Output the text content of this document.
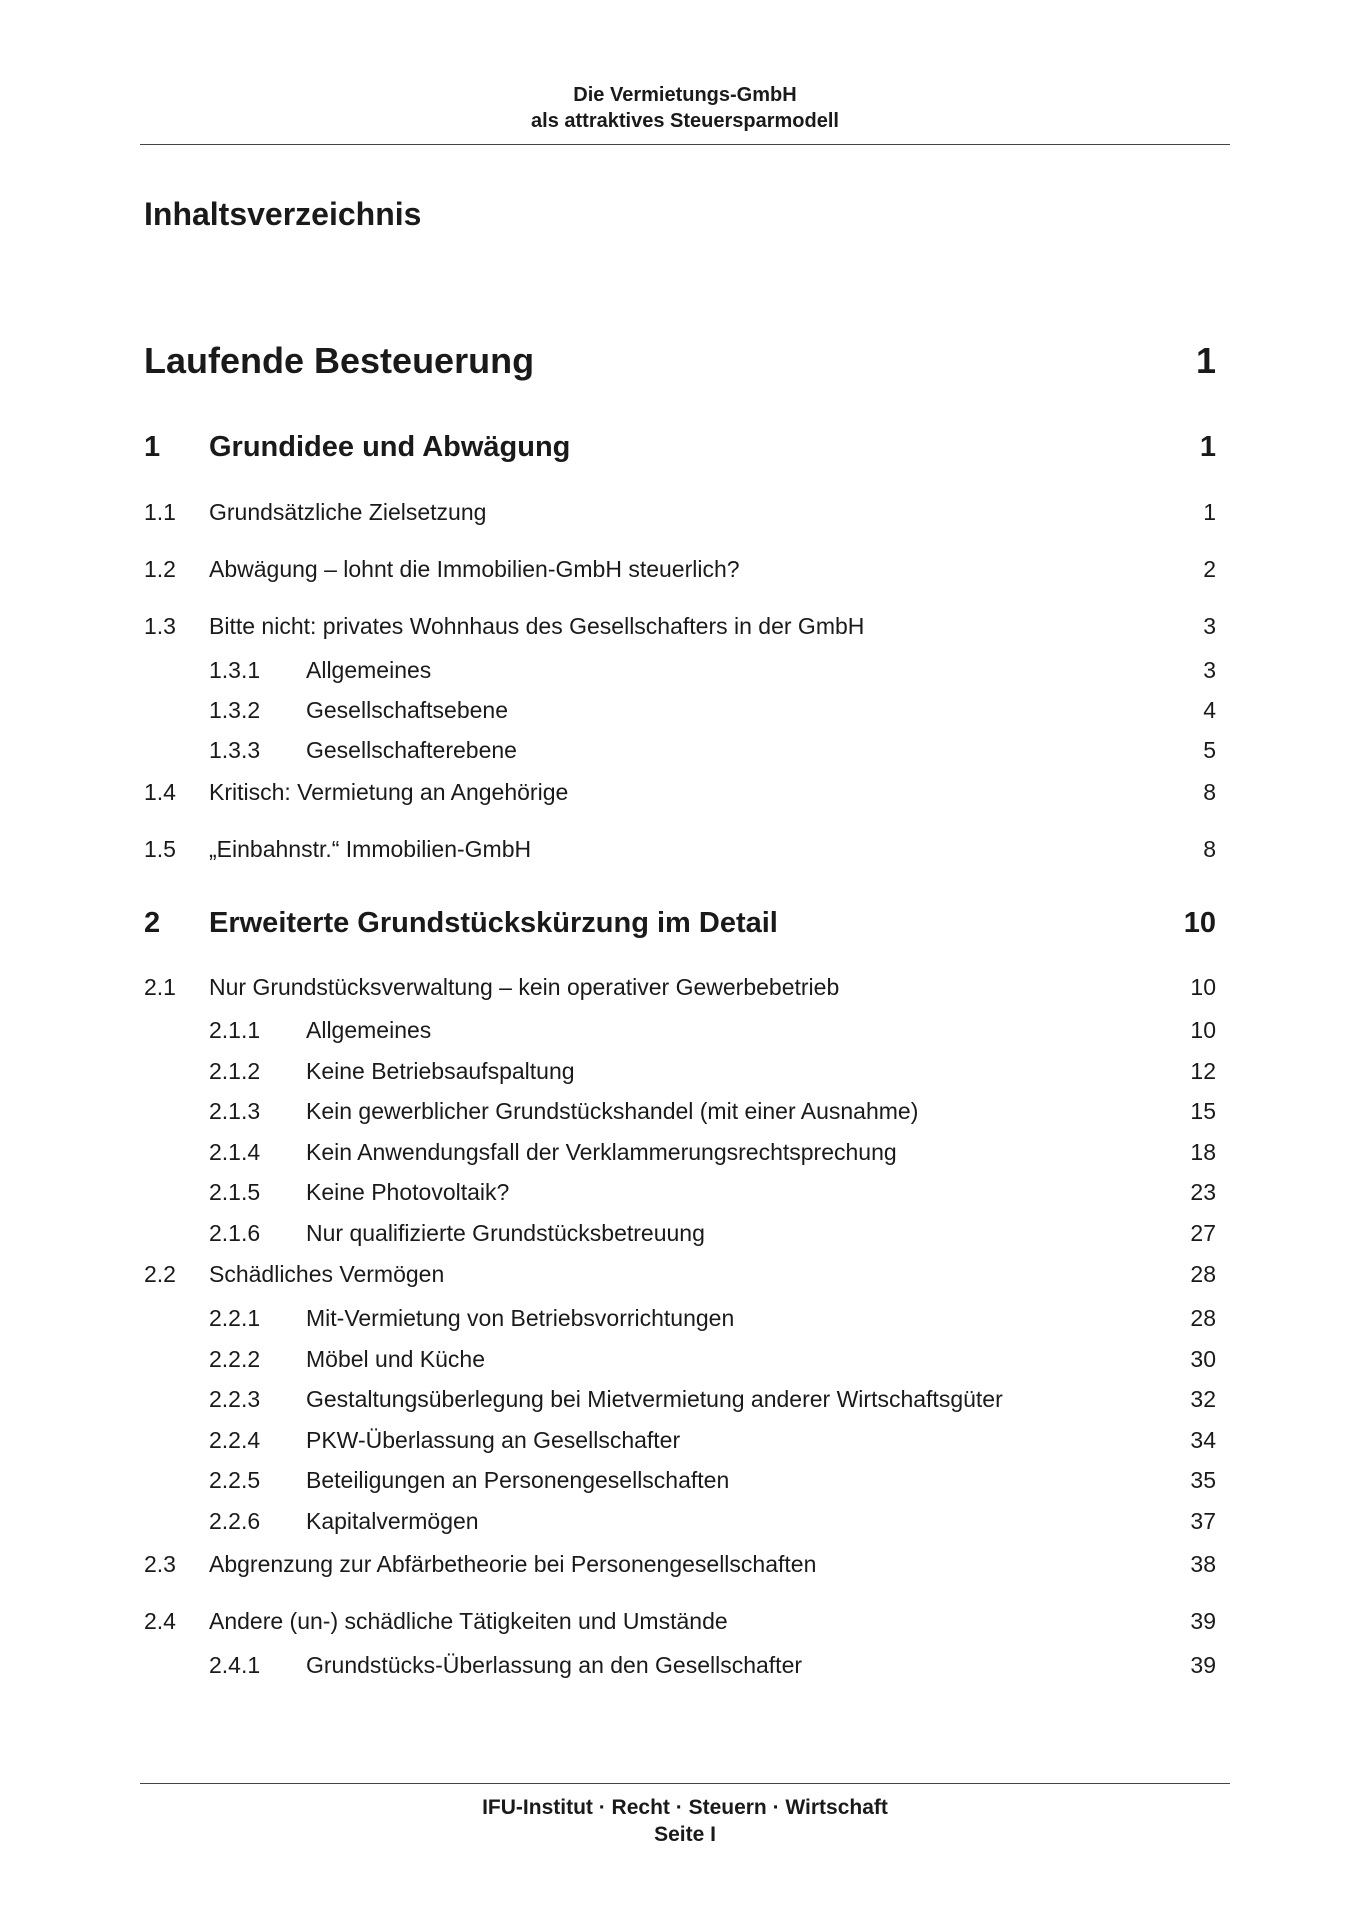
Die Vermietungs-GmbH
als attraktives Steuersparmodell
Inhaltsverzeichnis
Laufende Besteuerung	1
1 Grundidee und Abwägung	1
1.1 Grundsätzliche Zielsetzung	1
1.2 Abwägung – lohnt die Immobilien-GmbH steuerlich?	2
1.3 Bitte nicht: privates Wohnhaus des Gesellschafters in der GmbH	3
1.3.1 Allgemeines	3
1.3.2 Gesellschaftsebene	4
1.3.3 Gesellschafterebene	5
1.4 Kritisch: Vermietung an Angehörige	8
1.5 „Einbahnstr.“ Immobilien-GmbH	8
2 Erweiterte Grundstückskürzung im Detail	10
2.1 Nur Grundstücksverwaltung – kein operativer Gewerbebetrieb	10
2.1.1 Allgemeines	10
2.1.2 Keine Betriebsaufspaltung	12
2.1.3 Kein gewerblicher Grundstückshandel (mit einer Ausnahme)	15
2.1.4 Kein Anwendungsfall der Verklammerungsrechtsprechung	18
2.1.5 Keine Photovoltaik?	23
2.1.6 Nur qualifizierte Grundstücksbetreuung	27
2.2 Schädliches Vermögen	28
2.2.1 Mit-Vermietung von Betriebsvorrichtungen	28
2.2.2 Möbel und Küche	30
2.2.3 Gestaltungsüberlegung bei Mietvermietung anderer Wirtschaftsgüter	32
2.2.4 PKW-Überlassung an Gesellschafter	34
2.2.5 Beteiligungen an Personengesellschaften	35
2.2.6 Kapitalvermögen	37
2.3 Abgrenzung zur Abfärbetheorie bei Personengesellschaften	38
2.4 Andere (un-) schädliche Tätigkeiten und Umstände	39
2.4.1 Grundstücks-Überlassung an den Gesellschafter	39
IFU-Institut · Recht · Steuern · Wirtschaft
Seite I
